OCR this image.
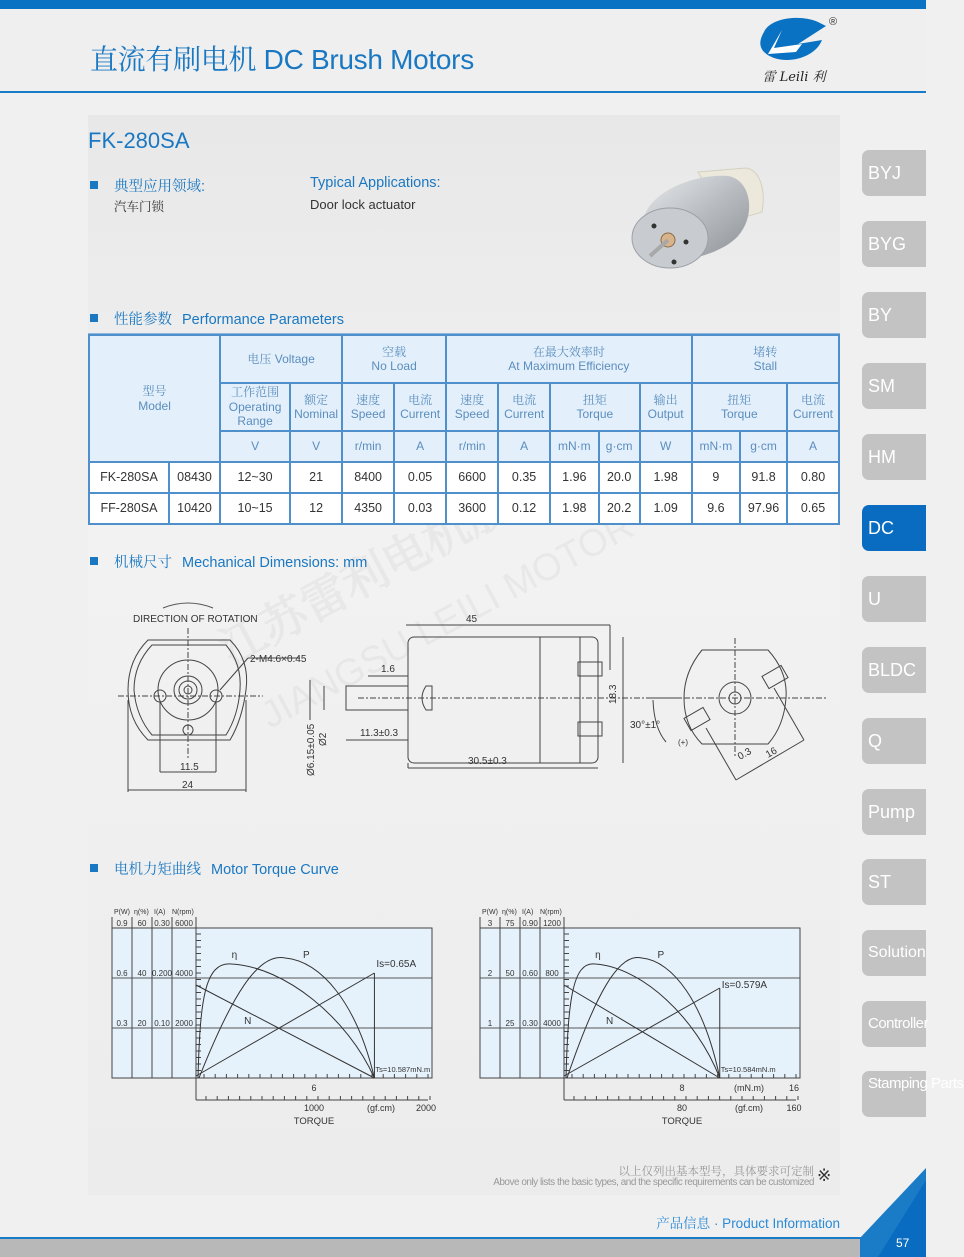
直流有刷电机 DC Brush Motors
®
雷 Leili 利
FK-280SA
典型应用领域:	Typical Applications:
汽车门锁	Door lock actuator
性能参数 Performance Parameters
型号
Model		电压 Voltage		空载
No Load		在最大效率时
At Maximum Efficiency					堵转
Stall		
		工作范围
Operating
Range	额定
Nominal	速度
Speed	电流
Current	速度
Speed	电流
Current	扭矩
Torque		输出
Output	扭矩
Torque		电流
Current
		V	V	r/min	A	r/min	A	mN·m	g·cm	W	mN·m	g·cm	A
FK-280SA	08430	12~30	21	8400	0.05	6600	0.35	1.96	20.0	1.98	9	91.8	0.80
FF-280SA	10420	10~15	12	4350	0.03	3600	0.12	1.98	20.2	1.09	9.6	97.96	0.65
机械尺寸 Mechanical Dimensions: mm
DIRECTION OF ROTATION
2-M4.6×0.45
11.5
24
45
30.5±0.3
18.3
1.6
11.3±0.3
Ø6.15±0.05 Ø2
30°±1°
(+)
0.3 16
电机力矩曲线 Motor Torque Curve
P(W)
0.3
0.6
0.9
η(%)
20
40
60
I(A)
0.10
0.200
0.30
N(rpm)
2000
4000
6000
η	P
N
Is=0.65A
Ts=10.587mN.m
6
1000	(gf.cm) 2000
TORQUE
P(W)
1
2
3
η(%)
25
50
75
I(A)
0.30
0.60
0.90
N(rpm)
4000
800
1200
η	P
N
Is=0.579A
Ts=10.584mN.m
8	(mN.m)	16
80	(gf.cm)	160
TORQUE
以上仅列出基本型号，具体要求可定制
Above only lists the basic types, and the specific requirements can be customized ※
产品信息 · Product Information
57
BYJ
BYG
BY
SM
HM
DC
U
BLDC
Q
Pump
ST
Solution
Controller
Stamping Parts
